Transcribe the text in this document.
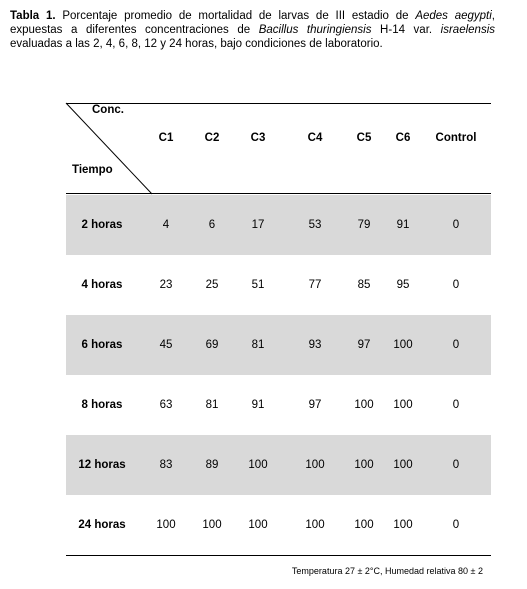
Tabla 1. Porcentaje promedio de mortalidad de larvas de III estadio de Aedes aegypti, expuestas a diferentes concentraciones de Bacillus thuringiensis H-14 var. israelensis evaluadas a las 2, 4, 6, 8, 12 y 24 horas, bajo condiciones de laboratorio.
Conc.
Tiempo
C1	C2	C3	C4	C5	C6	Control
2 horas	4	6	17	53	79	91	0
4 horas	23	25	51	77	85	95	0
6 horas	45	69	81	93	97	100	0
8 horas	63	81	91	97	100	100	0
12 horas	83	89	100	100	100	100	0
24 horas	100	100	100	100	100	100	0
Temperatura 27 ± 2°C, Humedad relativa 80 ± 2
